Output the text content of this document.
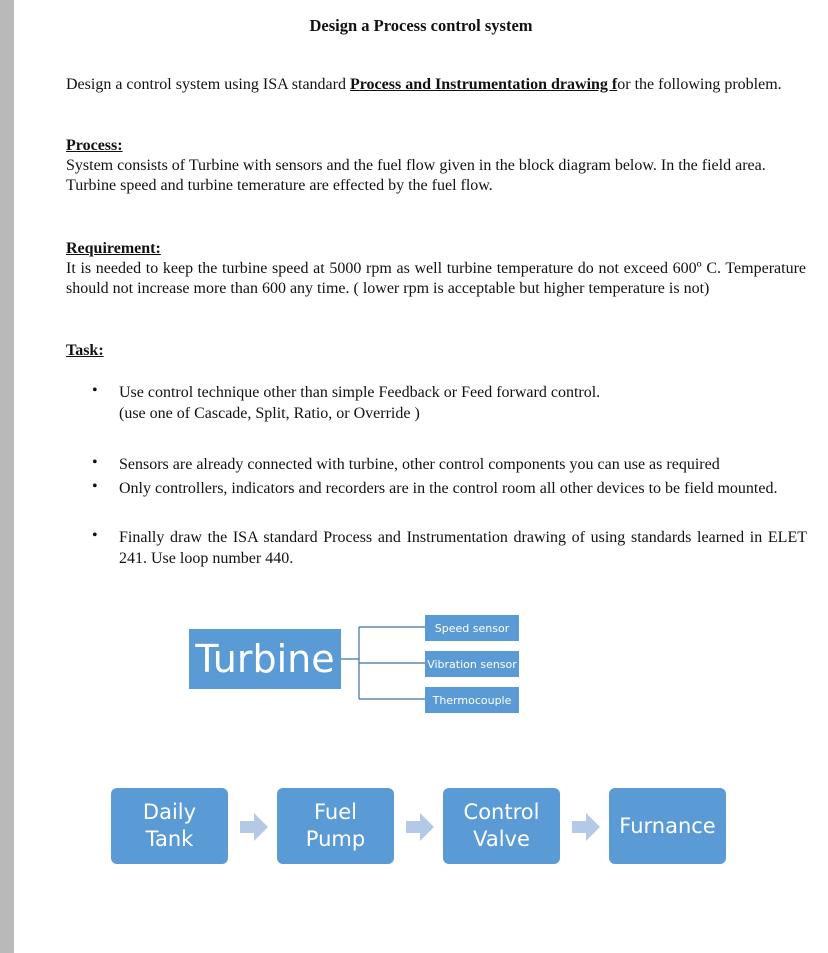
Design a Process control system
Design a control system using ISA standard Process and Instrumentation drawing for the following problem.
Process:
System consists of Turbine with sensors and the fuel flow given in the block diagram below. In the field area.
Turbine speed and turbine temerature are effected by the fuel flow.
Requirement:
It is needed to keep the turbine speed at 5000 rpm as well turbine temperature do not exceed 600º C. Temperature should not increase more than 600 any time. ( lower rpm is acceptable but higher temperature is not)
Task:
• Use control technique other than simple Feedback or Feed forward control.
(use one of Cascade, Split, Ratio, or Override )
• Sensors are already connected with turbine, other control components you can use as required
• Only controllers, indicators and recorders are in the control room all other devices to be field mounted.
• Finally draw the ISA standard Process and Instrumentation drawing of using standards learned in ELET 241. Use loop number 440.
Turbine
Speed sensor
Vibration sensor
Thermocouple
Daily
Tank
Fuel
Pump
Control
Valve
Furnance
